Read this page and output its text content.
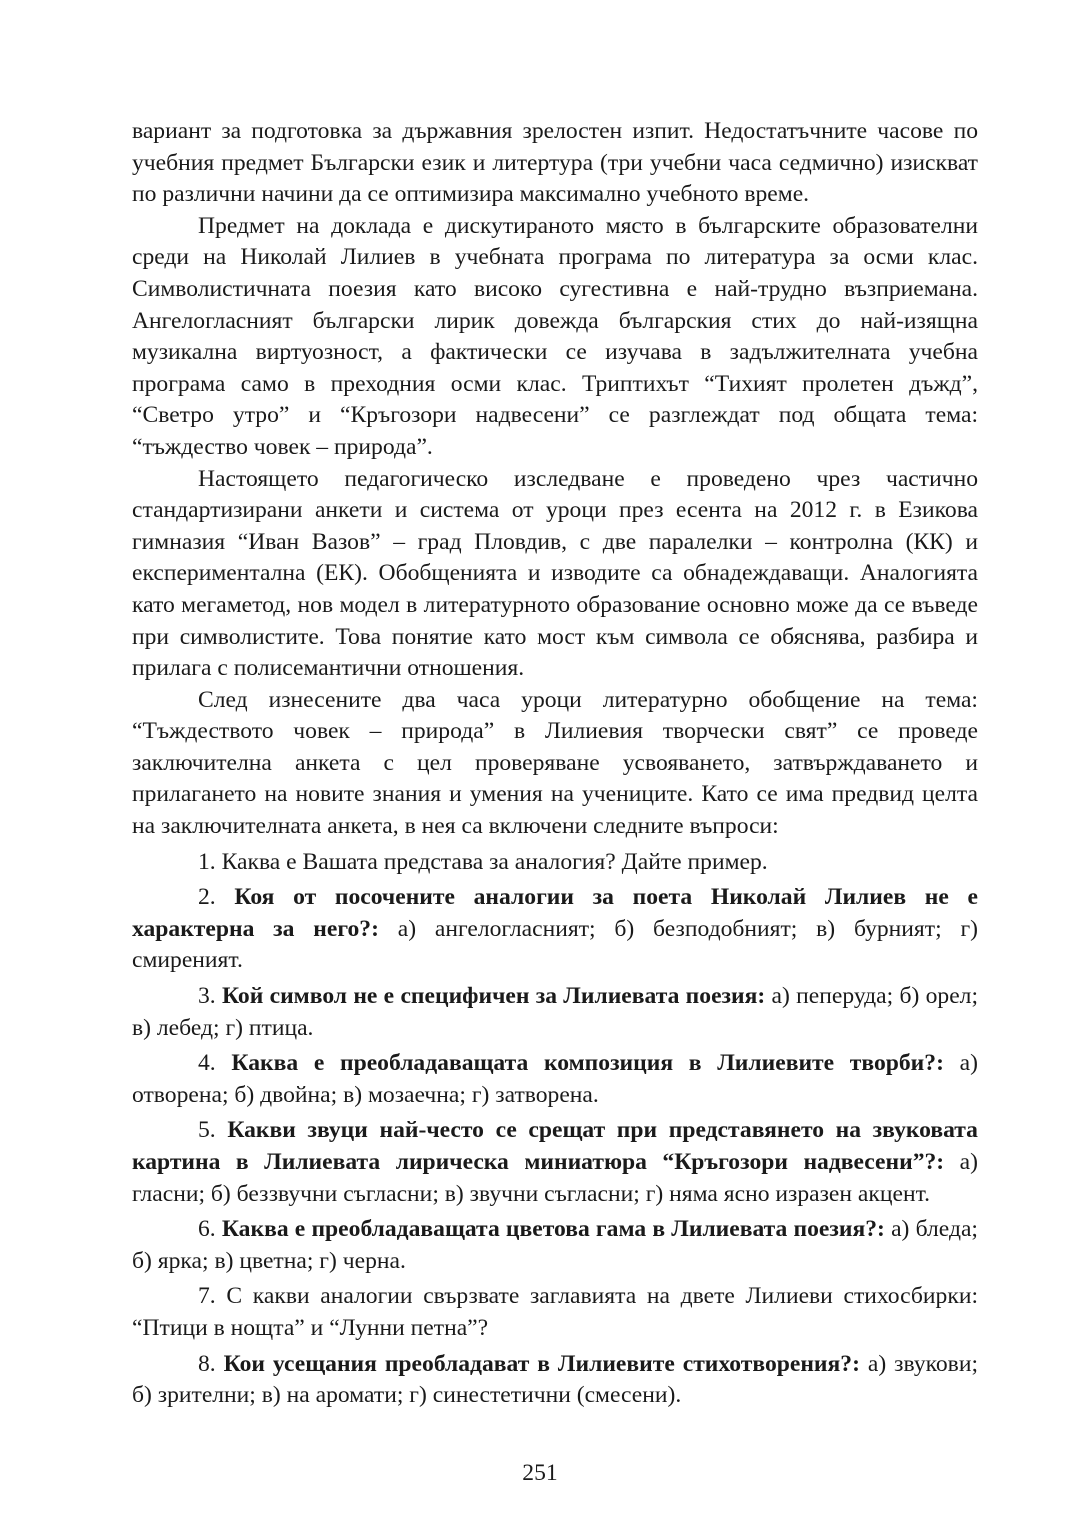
вариант за подготовка за държавния зрелостен изпит. Недостатъчните часове по учебния предмет Български език и литертура (три учебни часа седмично) изискват по различни начини да се оптимизира максимално учебното време.

Предмет на доклада е дискутираното място в българските образователни среди на Николай Лилиев в учебната програма по литература за осми клас. Символистичната поезия като високо сугестивна е най-трудно възприемана. Ангелогласният български лирик довежда българския стих до най-изящна музикална виртуозност, а фактически се изучава в задължителната учебна програма само в преходния осми клас. Триптихът “Тихият пролетен дъжд”, “Светро утро” и “Кръгозори надвесени” се разглеждат под общата тема: “тъждество човек – природа”.

Настоящето педагогическо изследване е проведено чрез частично стандартизирани анкети и система от уроци през есента на 2012 г. в Езикова гимназия “Иван Вазов” – град Пловдив, с две паралелки – контролна (КК) и експериментална (ЕК). Обобщенията и изводите са обнадеждаващи. Аналогията като мегаметод, нов модел в литературното образование основно може да се въведе при символистите. Това понятие като мост към символа се обяснява, разбира и прилага с полисемантични отношения.

След изнесените два часа уроци литературно обобщение на тема: “Тъждеството човек – природа” в Лилиевия творчески свят” се проведе заключителна анкета с цел проверяване усвояването, затвърждаването и прилагането на новите знания и умения на учениците. Като се има предвид целта на заключителната анкета, в нея са включени следните въпроси:

1. Каква е Вашата представа за аналогия? Дайте пример.

2. Коя от посочените аналогии за поета Николай Лилиев не е характерна за него?: а) ангелогласният; б) безподобният; в) бурният; г) смиреният.

3. Кой символ не е специфичен за Лилиевата поезия: а) пеперуда; б) орел; в) лебед; г) птица.

4. Каква е преобладаващата композиция в Лилиевите творби?: а) отворена; б) двойна; в) мозаечна; г) затворена.

5. Какви звуци най-често се срещат при представянето на звуковата картина в Лилиевата лирическа миниатюра “Кръгозори надвесени”?: а) гласни; б) беззвучни съгласни; в) звучни съгласни; г) няма ясно изразен акцент.

6. Каква е преобладаващата цветова гама в Лилиевата поезия?: а) бледа; б) ярка; в) цветна; г) черна.

7. С какви аналогии свързвате заглавията на двете Лилиеви стихосбирки: “Птици в нощта” и “Лунни петна”?

8. Кои усещания преобладават в Лилиевите стихотворения?: а) звукови; б) зрителни; в) на аромати; г) синестетични (смесени).

251
